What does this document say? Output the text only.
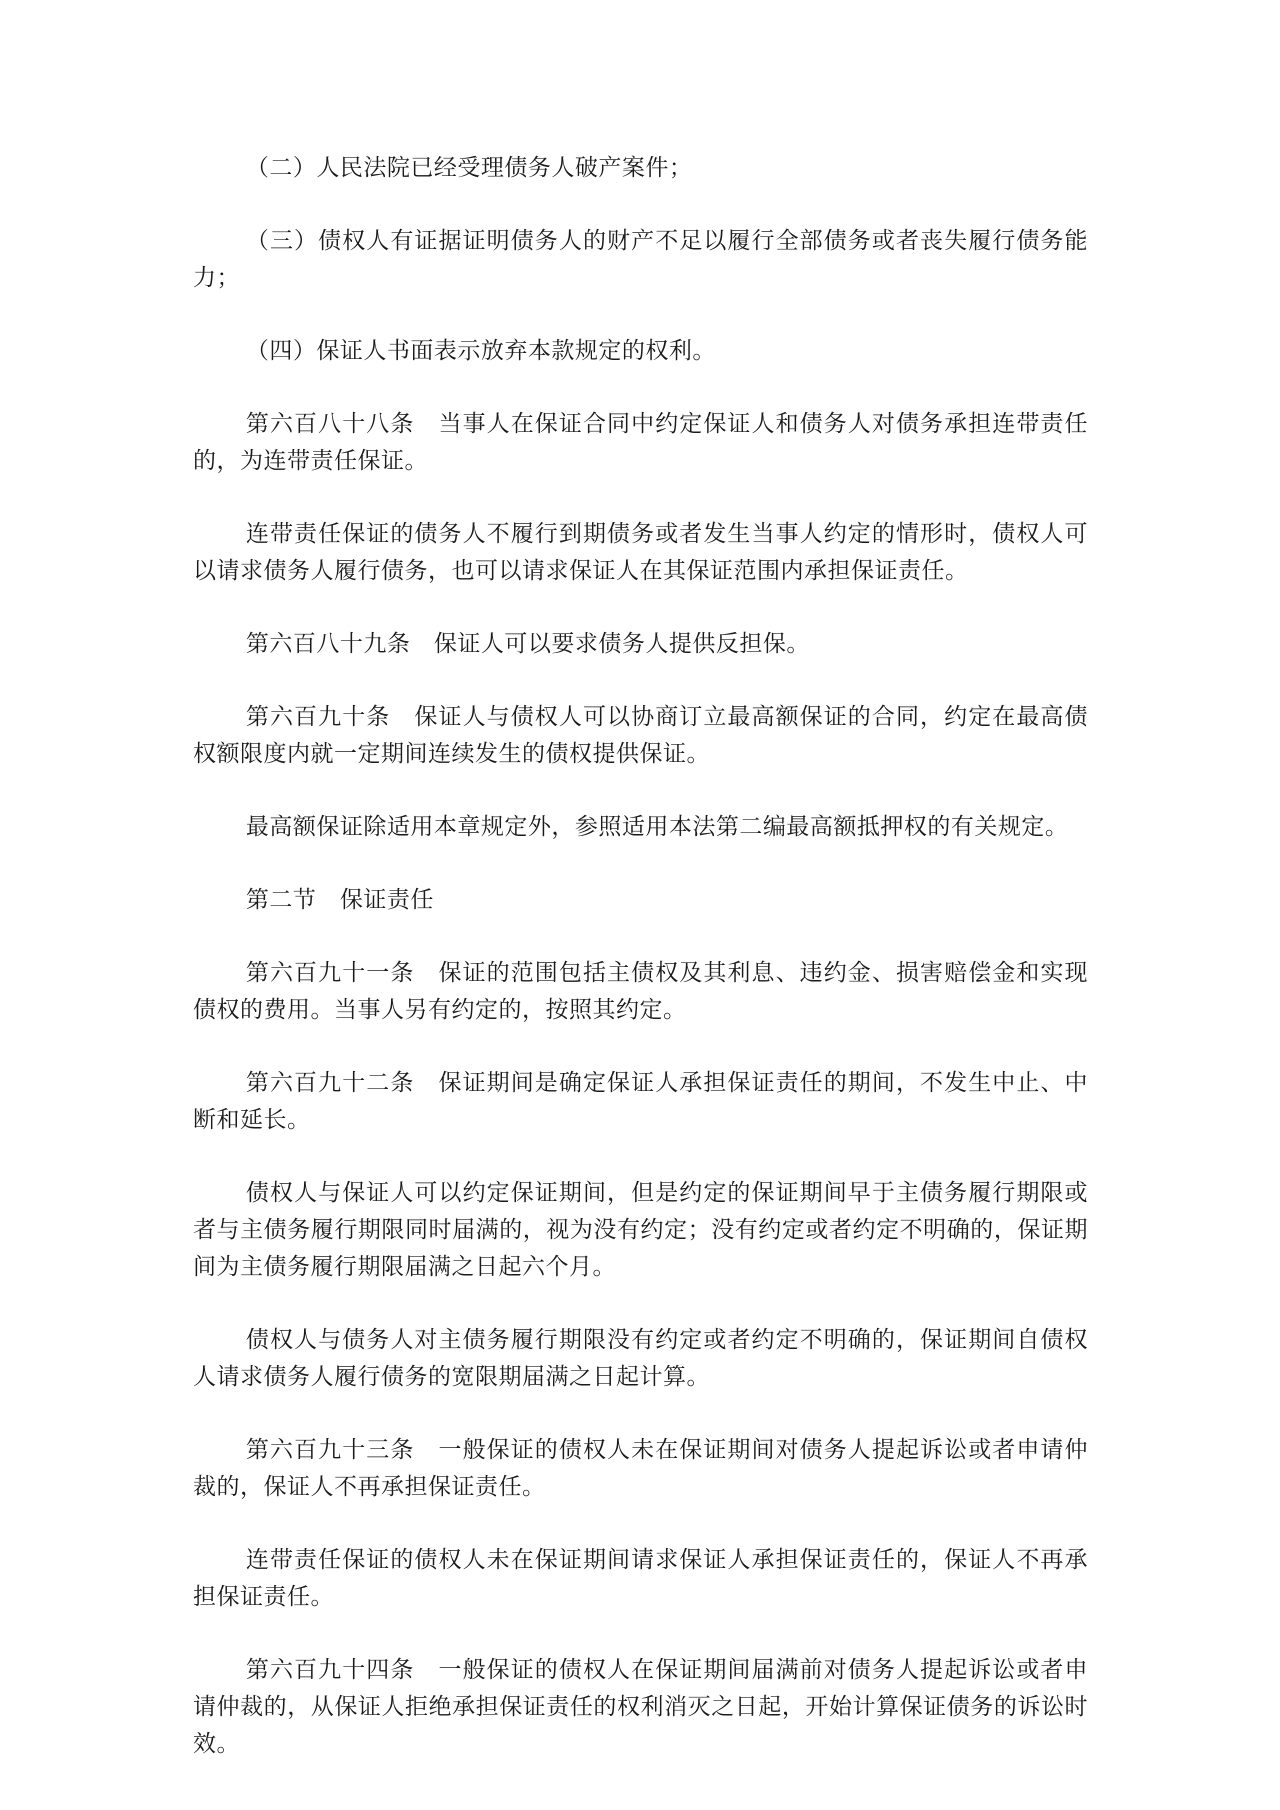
（二）人民法院已经受理债务人破产案件；

（三）债权人有证据证明债务人的财产不足以履行全部债务或者丧失履行债务能力；

（四）保证人书面表示放弃本款规定的权利。

第六百八十八条　当事人在保证合同中约定保证人和债务人对债务承担连带责任的，为连带责任保证。

连带责任保证的债务人不履行到期债务或者发生当事人约定的情形时，债权人可以请求债务人履行债务，也可以请求保证人在其保证范围内承担保证责任。

第六百八十九条　保证人可以要求债务人提供反担保。

第六百九十条　保证人与债权人可以协商订立最高额保证的合同，约定在最高债权额限度内就一定期间连续发生的债权提供保证。

最高额保证除适用本章规定外，参照适用本法第二编最高额抵押权的有关规定。

第二节　保证责任

第六百九十一条　保证的范围包括主债权及其利息、违约金、损害赔偿金和实现债权的费用。当事人另有约定的，按照其约定。

第六百九十二条　保证期间是确定保证人承担保证责任的期间，不发生中止、中断和延长。

债权人与保证人可以约定保证期间，但是约定的保证期间早于主债务履行期限或者与主债务履行期限同时届满的，视为没有约定；没有约定或者约定不明确的，保证期间为主债务履行期限届满之日起六个月。

债权人与债务人对主债务履行期限没有约定或者约定不明确的，保证期间自债权人请求债务人履行债务的宽限期届满之日起计算。

第六百九十三条　一般保证的债权人未在保证期间对债务人提起诉讼或者申请仲裁的，保证人不再承担保证责任。

连带责任保证的债权人未在保证期间请求保证人承担保证责任的，保证人不再承担保证责任。

第六百九十四条　一般保证的债权人在保证期间届满前对债务人提起诉讼或者申请仲裁的，从保证人拒绝承担保证责任的权利消灭之日起，开始计算保证债务的诉讼时效。
